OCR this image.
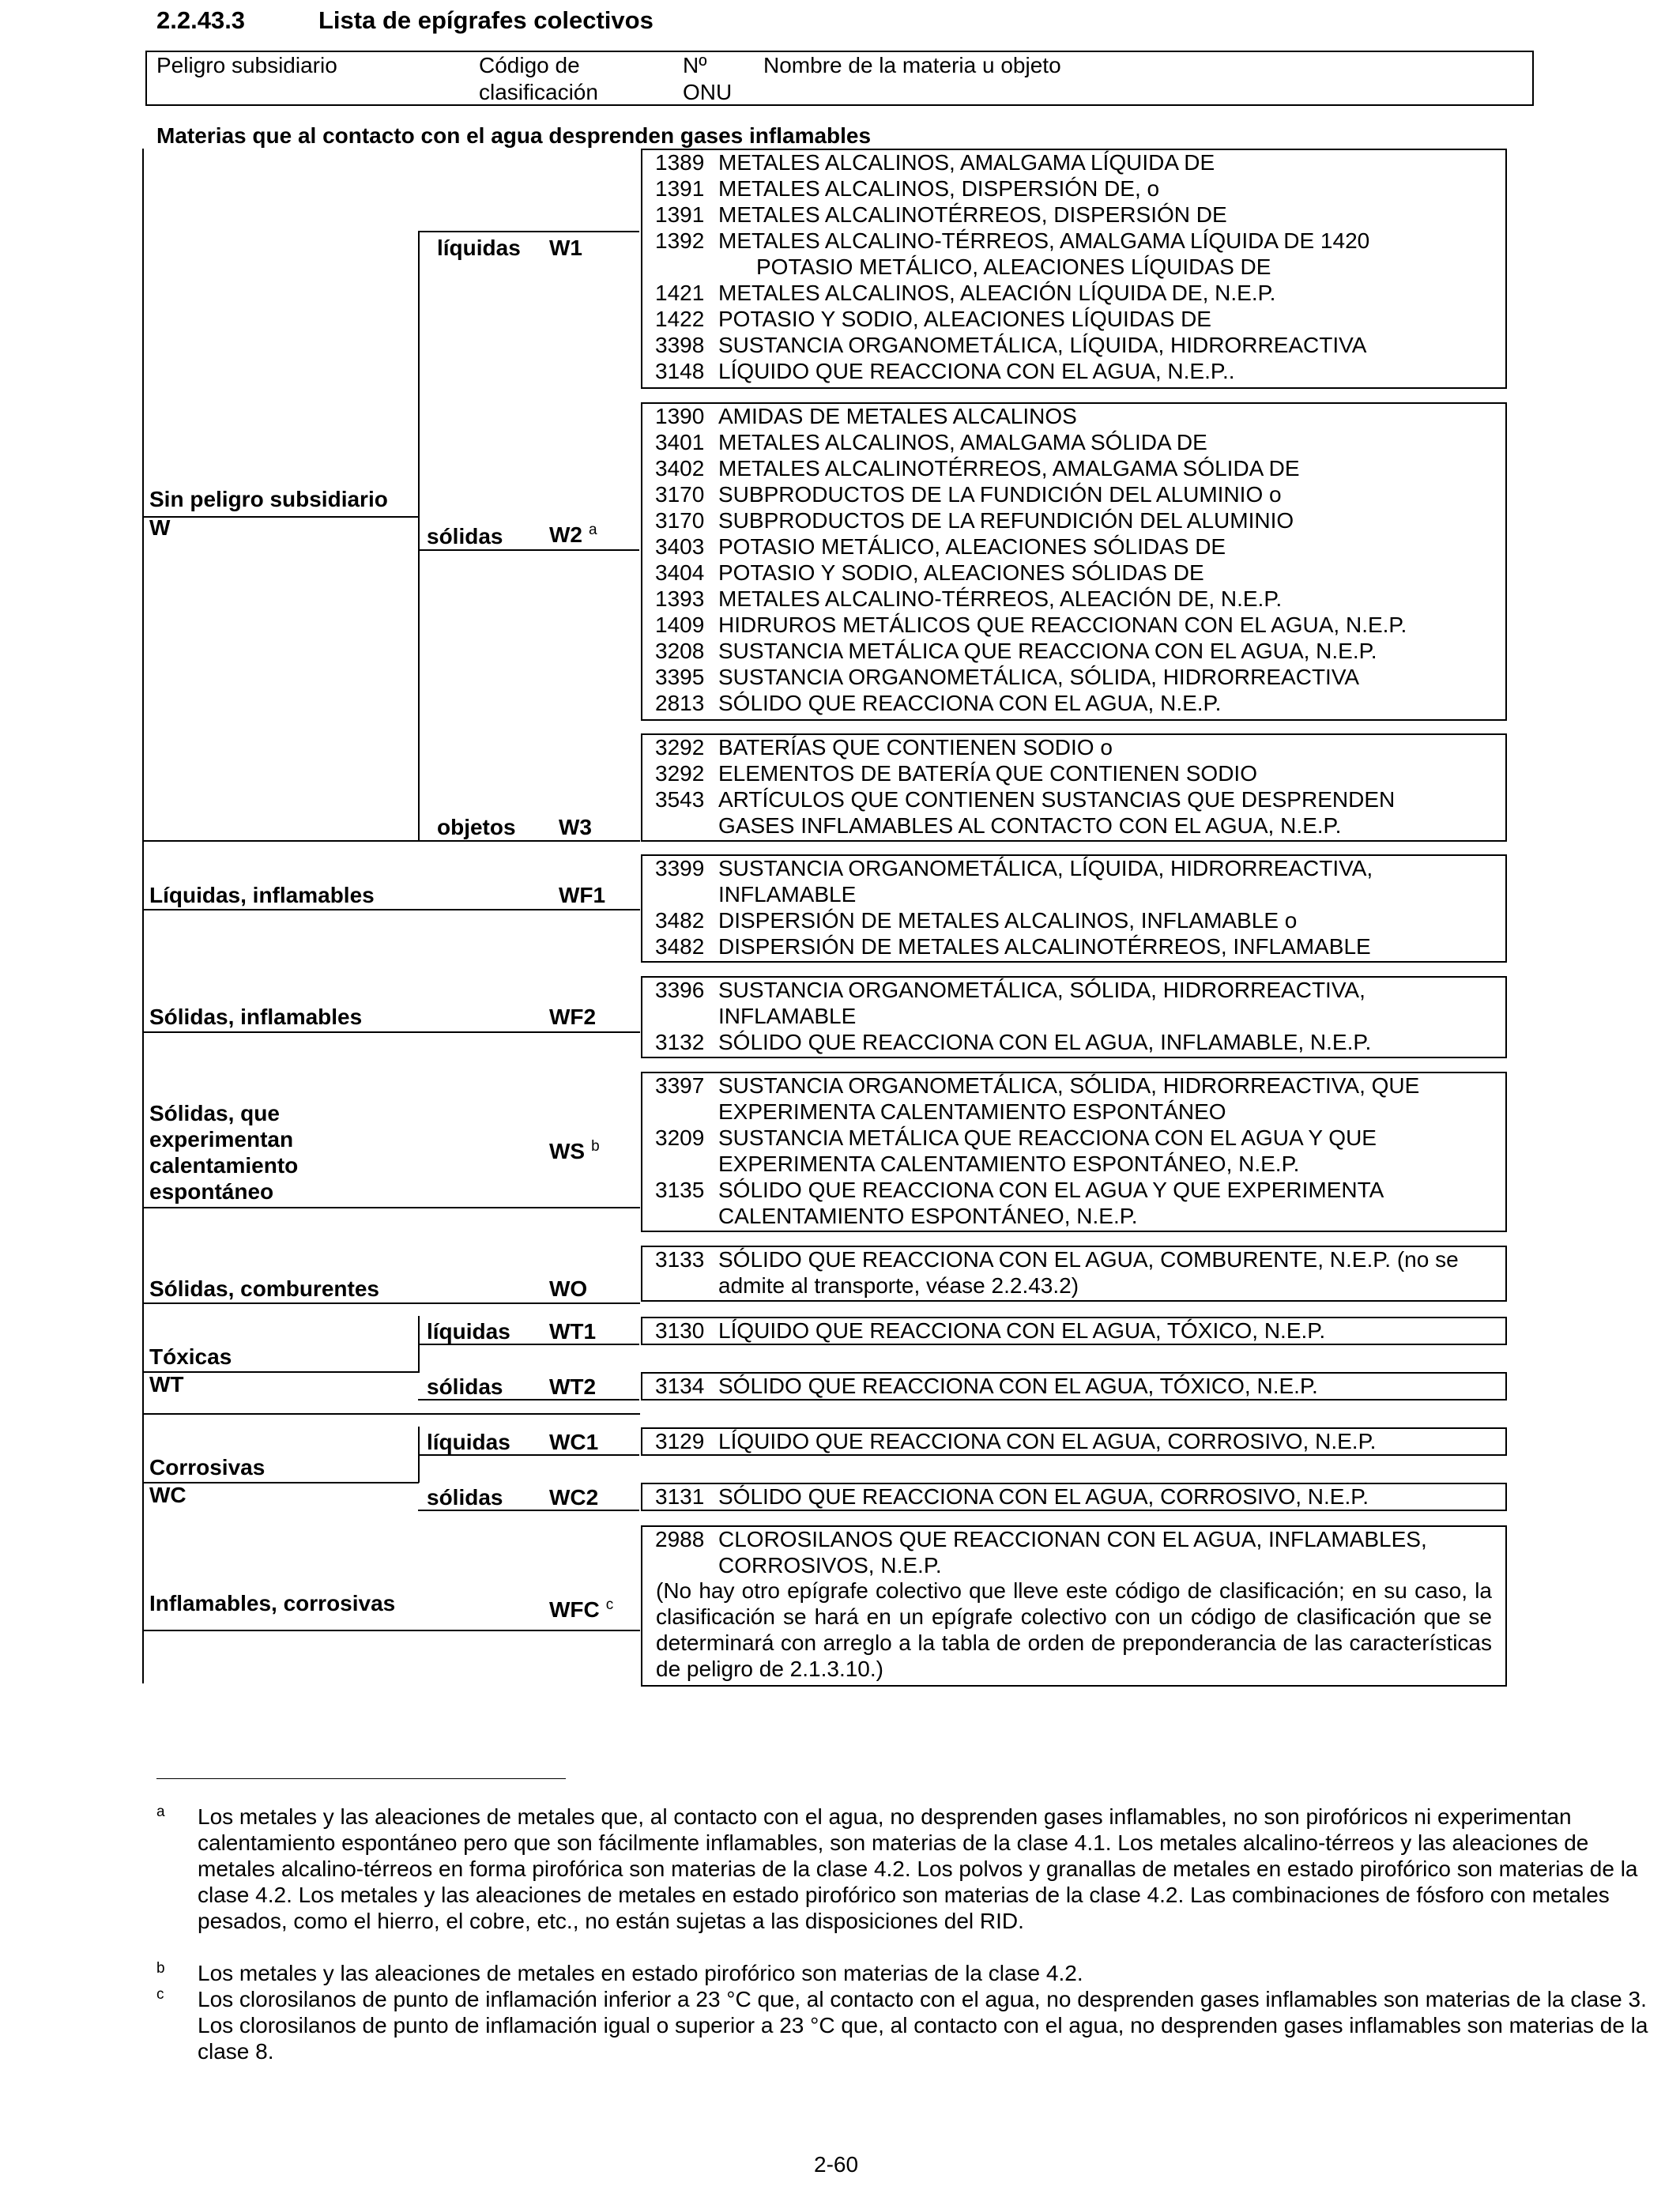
2.2.43.3	Lista de epígrafes colectivos
Peligro subsidiario	Código de
clasificación
Nº
ONU
Nombre de la materia u objeto
Materias que al contacto con el agua desprenden gases inflamables
Sin peligro subsidiario
W
Líquidas, inflamables
Sólidas, inflamables
Sólidas, que
experimentan
calentamiento
espontáneo
Sólidas, comburentes
Tóxicas
WT
Corrosivas
WC
Inflamables, corrosivas
líquidas
sólidas
objetos
líquidas
sólidas
líquidas
sólidas
W1
W2 $^a$
W3
WF1
WF2
WS $^b$
WO
WT1
WT2
WC1
WC2
WFC $^c$
(No hay otro epígrafe colectivo que lleve este código de clasificación; en su caso, la clasificación se hará en un epígrafe colectivo con un código de clasificación que se determinará con arreglo a la tabla de orden de preponderancia de las características de peligro de 2.1.3.10.)
a Los metales y las aleaciones de metales que, al contacto con el agua, no desprenden gases inflamables, no son pirofóricos ni experimentan calentamiento espontáneo pero que son fácilmente inflamables, son materias de la clase 4.1. Los metales alcalino-térreos y las aleaciones de metales alcalino-térreos en forma pirofórica son materias de la clase 4.2. Los polvos y granallas de metales en estado pirofórico son materias de la clase 4.2. Los metales y las aleaciones de metales en estado pirofórico son materias de la clase 4.2. Las combinaciones de fósforo con metales pesados, como el hierro, el cobre, etc., no están sujetas a las disposiciones del RID.
b Los metales y las aleaciones de metales en estado pirofórico son materias de la clase 4.2.
c Los clorosilanos de punto de inflamación inferior a 23 °C que, al contacto con el agua, no desprenden gases inflamables son materias de la clase 3. Los clorosilanos de punto de inflamación igual o superior a 23 °C que, al contacto con el agua, no desprenden gases inflamables son materias de la clase 8.
2-60
1389 METALES ALCALINOS, AMALGAMA LÍQUIDA DE
1391 METALES ALCALINOS, DISPERSIÓN DE, o
1391 METALES ALCALINOTÉRREOS, DISPERSIÓN DE
1392 METALES ALCALINO-TÉRREOS, AMALGAMA LÍQUIDA DE 1420
POTASIO METÁLICO, ALEACIONES LÍQUIDAS DE
1421 METALES ALCALINOS, ALEACIÓN LÍQUIDA DE, N.E.P.
1422 POTASIO Y SODIO, ALEACIONES LÍQUIDAS DE
3398 SUSTANCIA ORGANOMETÁLICA, LÍQUIDA, HIDRORREACTIVA
3148 LÍQUIDO QUE REACCIONA CON EL AGUA, N.E.P..
1390 AMIDAS DE METALES ALCALINOS
3401 METALES ALCALINOS, AMALGAMA SÓLIDA DE
3402 METALES ALCALINOTÉRREOS, AMALGAMA SÓLIDA DE
3170 SUBPRODUCTOS DE LA FUNDICIÓN DEL ALUMINIO o
3170 SUBPRODUCTOS DE LA REFUNDICIÓN DEL ALUMINIO
3403 POTASIO METÁLICO, ALEACIONES SÓLIDAS DE
3404 POTASIO Y SODIO, ALEACIONES SÓLIDAS DE
1393 METALES ALCALINO-TÉRREOS, ALEACIÓN DE, N.E.P.
1409 HIDRUROS METÁLICOS QUE REACCIONAN CON EL AGUA, N.E.P.
3208 SUSTANCIA METÁLICA QUE REACCIONA CON EL AGUA, N.E.P.
3395 SUSTANCIA ORGANOMETÁLICA, SÓLIDA, HIDRORREACTIVA
2813 SÓLIDO QUE REACCIONA CON EL AGUA, N.E.P.
3292 BATERÍAS QUE CONTIENEN SODIO o
3292 ELEMENTOS DE BATERÍA QUE CONTIENEN SODIO
3543 ARTÍCULOS QUE CONTIENEN SUSTANCIAS QUE DESPRENDEN
GASES INFLAMABLES AL CONTACTO CON EL AGUA, N.E.P.
3399 SUSTANCIA ORGANOMETÁLICA, LÍQUIDA, HIDRORREACTIVA,
INFLAMABLE
3482 DISPERSIÓN DE METALES ALCALINOS, INFLAMABLE o
3482 DISPERSIÓN DE METALES ALCALINOTÉRREOS, INFLAMABLE
3396 SUSTANCIA ORGANOMETÁLICA, SÓLIDA, HIDRORREACTIVA,
INFLAMABLE
3132 SÓLIDO QUE REACCIONA CON EL AGUA, INFLAMABLE, N.E.P.
3397 SUSTANCIA ORGANOMETÁLICA, SÓLIDA, HIDRORREACTIVA, QUE
EXPERIMENTA CALENTAMIENTO ESPONTÁNEO
3209 SUSTANCIA METÁLICA QUE REACCIONA CON EL AGUA Y QUE
EXPERIMENTA CALENTAMIENTO ESPONTÁNEO, N.E.P.
3135 SÓLIDO QUE REACCIONA CON EL AGUA Y QUE EXPERIMENTA
CALENTAMIENTO ESPONTÁNEO, N.E.P.
3133 SÓLIDO QUE REACCIONA CON EL AGUA, COMBURENTE, N.E.P. (no se
admite al transporte, véase 2.2.43.2)
3130 LÍQUIDO QUE REACCIONA CON EL AGUA, TÓXICO, N.E.P.
3134 SÓLIDO QUE REACCIONA CON EL AGUA, TÓXICO, N.E.P.
3129 LÍQUIDO QUE REACCIONA CON EL AGUA, CORROSIVO, N.E.P.
3131 SÓLIDO QUE REACCIONA CON EL AGUA, CORROSIVO, N.E.P.
2988 CLOROSILANOS QUE REACCIONAN CON EL AGUA, INFLAMABLES,
CORROSIVOS, N.E.P.
